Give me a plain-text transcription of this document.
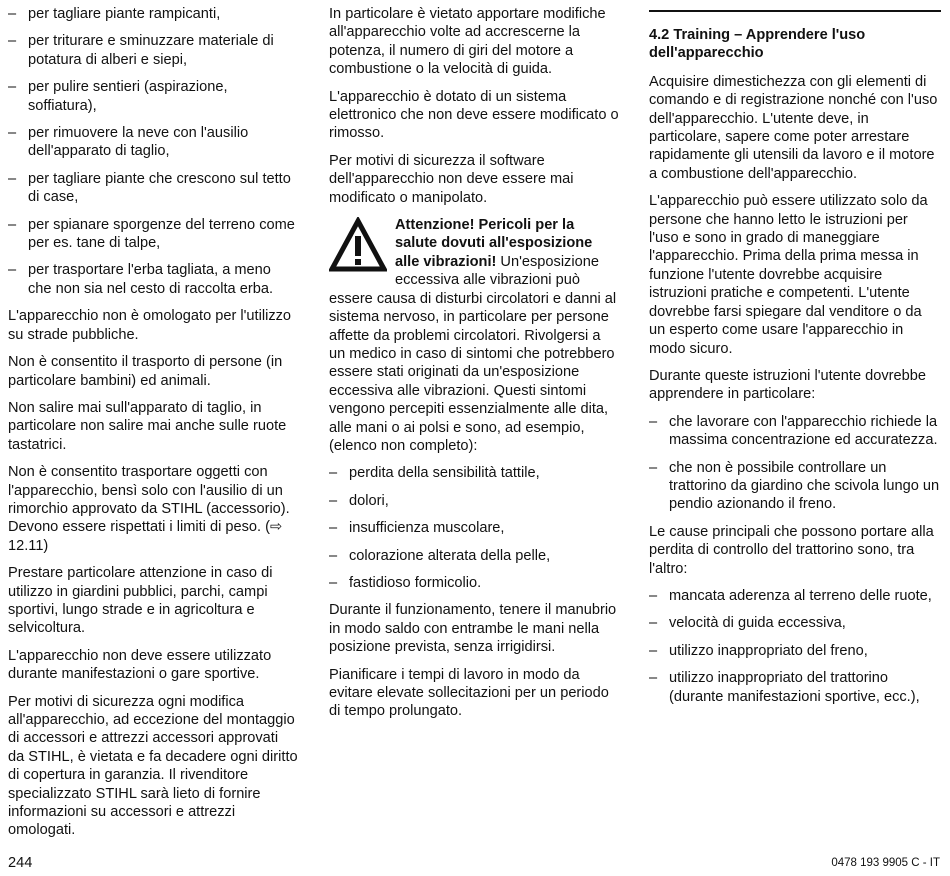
– per tagliare piante rampicanti,
– per triturare e sminuzzare materiale di potatura di alberi e siepi,
– per pulire sentieri (aspirazione, soffiatura),
– per rimuovere la neve con l'ausilio dell'apparato di taglio,
– per tagliare piante che crescono sul tetto di case,
– per spianare sporgenze del terreno come per es. tane di talpe,
– per trasportare l'erba tagliata, a meno che non sia nel cesto di raccolta erba.

L'apparecchio non è omologato per l'utilizzo su strade pubbliche.

Non è consentito il trasporto di persone (in particolare bambini) ed animali.

Non salire mai sull'apparato di taglio, in particolare non salire mai anche sulle ruote tastatrici.

Non è consentito trasportare oggetti con l'apparecchio, bensì solo con l'ausilio di un rimorchio approvato da STIHL (accessorio). Devono essere rispettati i limiti di peso. (⇨ 12.11)

Prestare particolare attenzione in caso di utilizzo in giardini pubblici, parchi, campi sportivi, lungo strade e in agricoltura e selvicoltura.

L'apparecchio non deve essere utilizzato durante manifestazioni o gare sportive.

Per motivi di sicurezza ogni modifica all'apparecchio, ad eccezione del montaggio di accessori e attrezzi accessori approvati da STIHL, è vietata e fa decadere ogni diritto di copertura in garanzia. Il rivenditore specializzato STIHL sarà lieto di fornire informazioni su accessori e attrezzi omologati.

In particolare è vietato apportare modifiche all'apparecchio volte ad accrescerne la potenza, il numero di giri del motore a combustione o la velocità di guida.

L'apparecchio è dotato di un sistema elettronico che non deve essere modificato o rimosso.

Per motivi di sicurezza il software dell'apparecchio non deve essere mai modificato o manipolato.

Attenzione! Pericoli per la salute dovuti all'esposizione alle vibrazioni! Un'esposizione eccessiva alle vibrazioni può essere causa di disturbi circolatori e danni al sistema nervoso, in particolare per persone affette da problemi circolatori. Rivolgersi a un medico in caso di sintomi che potrebbero essere stati originati da un'esposizione eccessiva alle vibrazioni. Questi sintomi vengono percepiti essenzialmente alle dita, alle mani o ai polsi e sono, ad esempio, (elenco non completo):
– perdita della sensibilità tattile,
– dolori,
– insufficienza muscolare,
– colorazione alterata della pelle,
– fastidioso formicolio.

Durante il funzionamento, tenere il manubrio in modo saldo con entrambe le mani nella posizione prevista, senza irrigidirsi.

Pianificare i tempi di lavoro in modo da evitare elevate sollecitazioni per un periodo di tempo prolungato.

4.2 Training – Apprendere l'uso dell'apparecchio

Acquisire dimestichezza con gli elementi di comando e di registrazione nonché con l'uso dell'apparecchio. L'utente deve, in particolare, sapere come poter arrestare rapidamente gli utensili da lavoro e il motore a combustione dell'apparecchio.

L'apparecchio può essere utilizzato solo da persone che hanno letto le istruzioni per l'uso e sono in grado di maneggiare l'apparecchio. Prima della prima messa in funzione l'utente dovrebbe acquisire istruzioni pratiche e competenti. L'utente dovrebbe farsi spiegare dal venditore o da un esperto come usare l'apparecchio in modo sicuro.

Durante queste istruzioni l'utente dovrebbe apprendere in particolare:

– che lavorare con l'apparecchio richiede la massima concentrazione ed accuratezza.
– che non è possibile controllare un trattorino da giardino che scivola lungo un pendio azionando il freno.

Le cause principali che possono portare alla perdita di controllo del trattorino sono, tra l'altro:

– mancata aderenza al terreno delle ruote,
– velocità di guida eccessiva,
– utilizzo inappropriato del freno,
– utilizzo inappropriato del trattorino (durante manifestazioni sportive, ecc.),
244	0478 193 9905 C - IT
